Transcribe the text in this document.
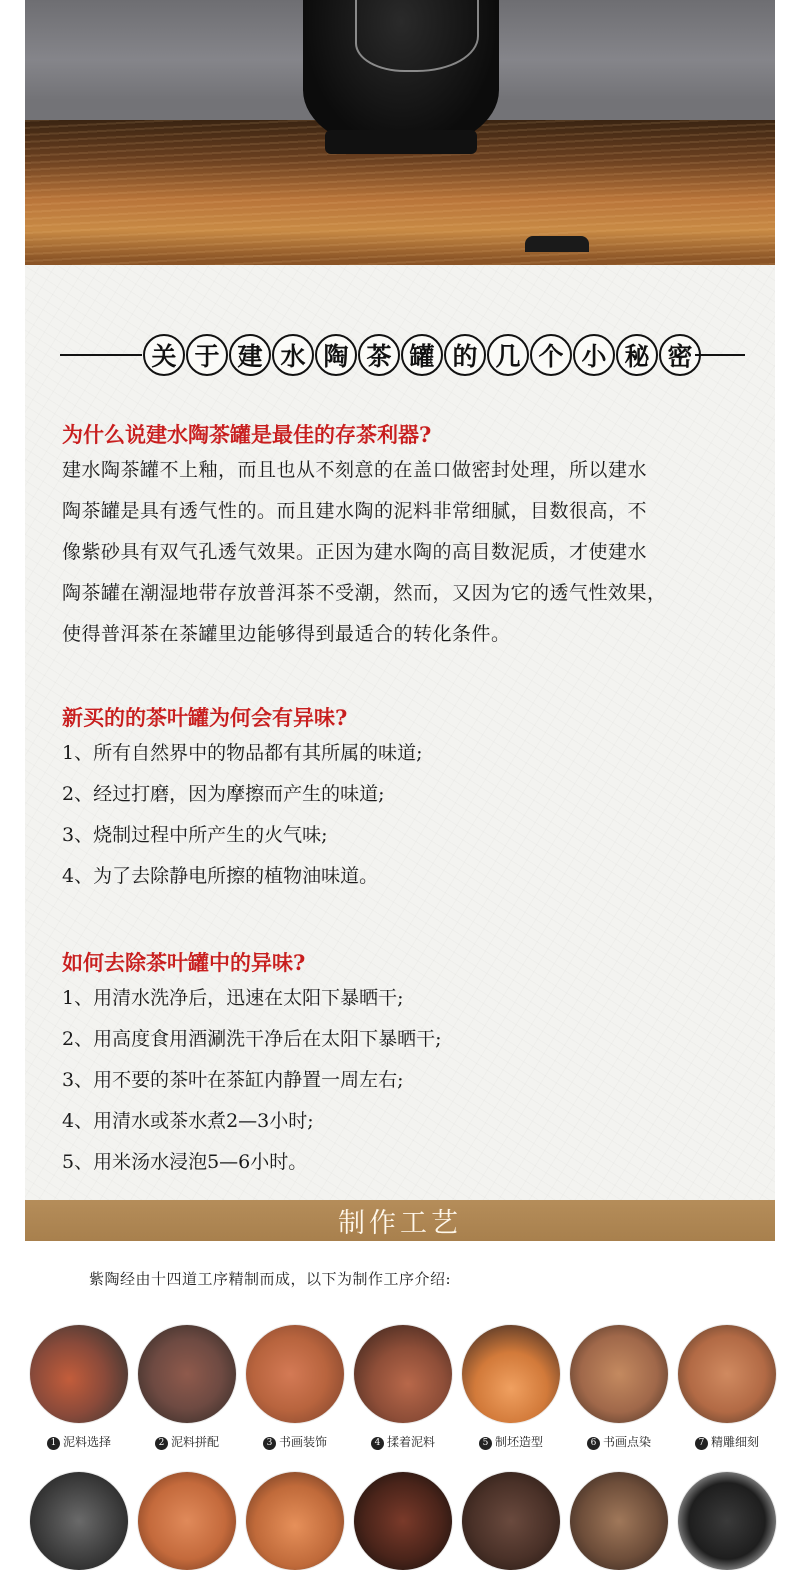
关 于 建 水 陶 茶 罐 的 几 个 小 秘 密

为什么说建水陶茶罐是最佳的存茶利器?

建水陶茶罐不上釉，而且也从不刻意的在盖口做密封处理，所以建水

陶茶罐是具有透气性的。而且建水陶的泥料非常细腻，目数很高，不

像紫砂具有双气孔透气效果。正因为建水陶的高目数泥质，才使建水

陶茶罐在潮湿地带存放普洱茶不受潮，然而，又因为它的透气性效果，

使得普洱茶在茶罐里边能够得到最适合的转化条件。

新买的的茶叶罐为何会有异味?

1、所有自然界中的物品都有其所属的味道;
2、经过打磨，因为摩擦而产生的味道;
3、烧制过程中所产生的火气味;
4、为了去除静电所擦的植物油味道。

如何去除茶叶罐中的异味?

1、用清水洗净后，迅速在太阳下暴晒干;
2、用高度食用酒涮洗干净后在太阳下暴晒干;
3、用不要的茶叶在茶缸内静置一周左右;
4、用清水或茶水煮2—3小时;
5、用米汤水浸泡5—6小时。
制作工艺
紫陶经由十四道工序精制而成，以下为制作工序介绍:
1 泥料选择	2 泥料拼配	3 书画装饰	4 揉着泥料	5 制坯造型	6 书画点染	7 精雕细刻
